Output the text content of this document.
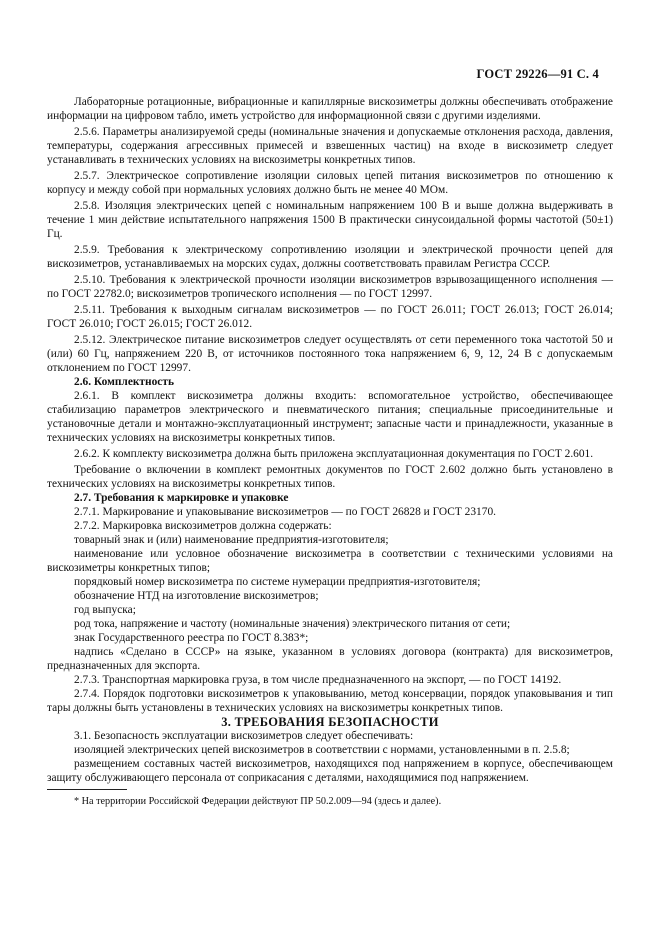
ГОСТ 29226—91 С. 4

Лабораторные ротационные, вибрационные и капиллярные вискозиметры должны обеспечивать отображение информации на цифровом табло, иметь устройство для информационной связи с другими изделиями.

2.5.6. Параметры анализируемой среды (номинальные значения и допускаемые отклонения расхода, давления, температуры, содержания агрессивных примесей и взвешенных частиц) на входе в вискозиметр следует устанавливать в технических условиях на вискозиметры конкретных типов.

2.5.7. Электрическое сопротивление изоляции силовых цепей питания вискозиметров по отношению к корпусу и между собой при нормальных условиях должно быть не менее 40 МОм.

2.5.8. Изоляция электрических цепей с номинальным напряжением 100 В и выше должна выдерживать в течение 1 мин действие испытательного напряжения 1500 В практически синусоидальной формы частотой (50±1) Гц.

2.5.9. Требования к электрическому сопротивлению изоляции и электрической прочности цепей для вискозиметров, устанавливаемых на морских судах, должны соответствовать правилам Регистра СССР.

2.5.10. Требования к электрической прочности изоляции вискозиметров взрывозащищенного исполнения — по ГОСТ 22782.0; вискозиметров тропического исполнения — по ГОСТ 12997.

2.5.11. Требования к выходным сигналам вискозиметров — по ГОСТ 26.011; ГОСТ 26.013; ГОСТ 26.014; ГОСТ 26.010; ГОСТ 26.015; ГОСТ 26.012.

2.5.12. Электрическое питание вискозиметров следует осуществлять от сети переменного тока частотой 50 и (или) 60 Гц, напряжением 220 В, от источников постоянного тока напряжением 6, 9, 12, 24 В с допускаемым отклонением по ГОСТ 12997.

2.6. Комплектность

2.6.1. В комплект вискозиметра должны входить: вспомогательное устройство, обеспечивающее стабилизацию параметров электрического и пневматического питания; специальные присоединительные и установочные детали и монтажно-эксплуатационный инструмент; запасные части и принадлежности, указанные в технических условиях на вискозиметры конкретных типов.

2.6.2. К комплекту вискозиметра должна быть приложена эксплуатационная документация по ГОСТ 2.601.

Требование о включении в комплект ремонтных документов по ГОСТ 2.602 должно быть установлено в технических условиях на вискозиметры конкретных типов.

2.7. Требования к маркировке и упаковке

2.7.1. Маркирование и упаковывание вискозиметров — по ГОСТ 26828 и ГОСТ 23170.

2.7.2. Маркировка вискозиметров должна содержать:

товарный знак и (или) наименование предприятия-изготовителя;

наименование или условное обозначение вискозиметра в соответствии с техническими условиями на вискозиметры конкретных типов;

порядковый номер вискозиметра по системе нумерации предприятия-изготовителя;

обозначение НТД на изготовление вискозиметров;

год выпуска;

род тока, напряжение и частоту (номинальные значения) электрического питания от сети;

знак Государственного реестра по ГОСТ 8.383*;

надпись «Сделано в СССР» на языке, указанном в условиях договора (контракта) для вискозиметров, предназначенных для экспорта.

2.7.3. Транспортная маркировка груза, в том числе предназначенного на экспорт, — по ГОСТ 14192.

2.7.4. Порядок подготовки вискозиметров к упаковыванию, метод консервации, порядок упаковывания и тип тары должны быть установлены в технических условиях на вискозиметры конкретных типов.

3. ТРЕБОВАНИЯ БЕЗОПАСНОСТИ

3.1. Безопасность эксплуатации вискозиметров следует обеспечивать:

изоляцией электрических цепей вискозиметров в соответствии с нормами, установленными в п. 2.5.8;

размещением составных частей вискозиметров, находящихся под напряжением в корпусе, обеспечивающем защиту обслуживающего персонала от соприкасания с деталями, находящимися под напряжением.

* На территории Российской Федерации действуют ПР 50.2.009—94 (здесь и далее).
